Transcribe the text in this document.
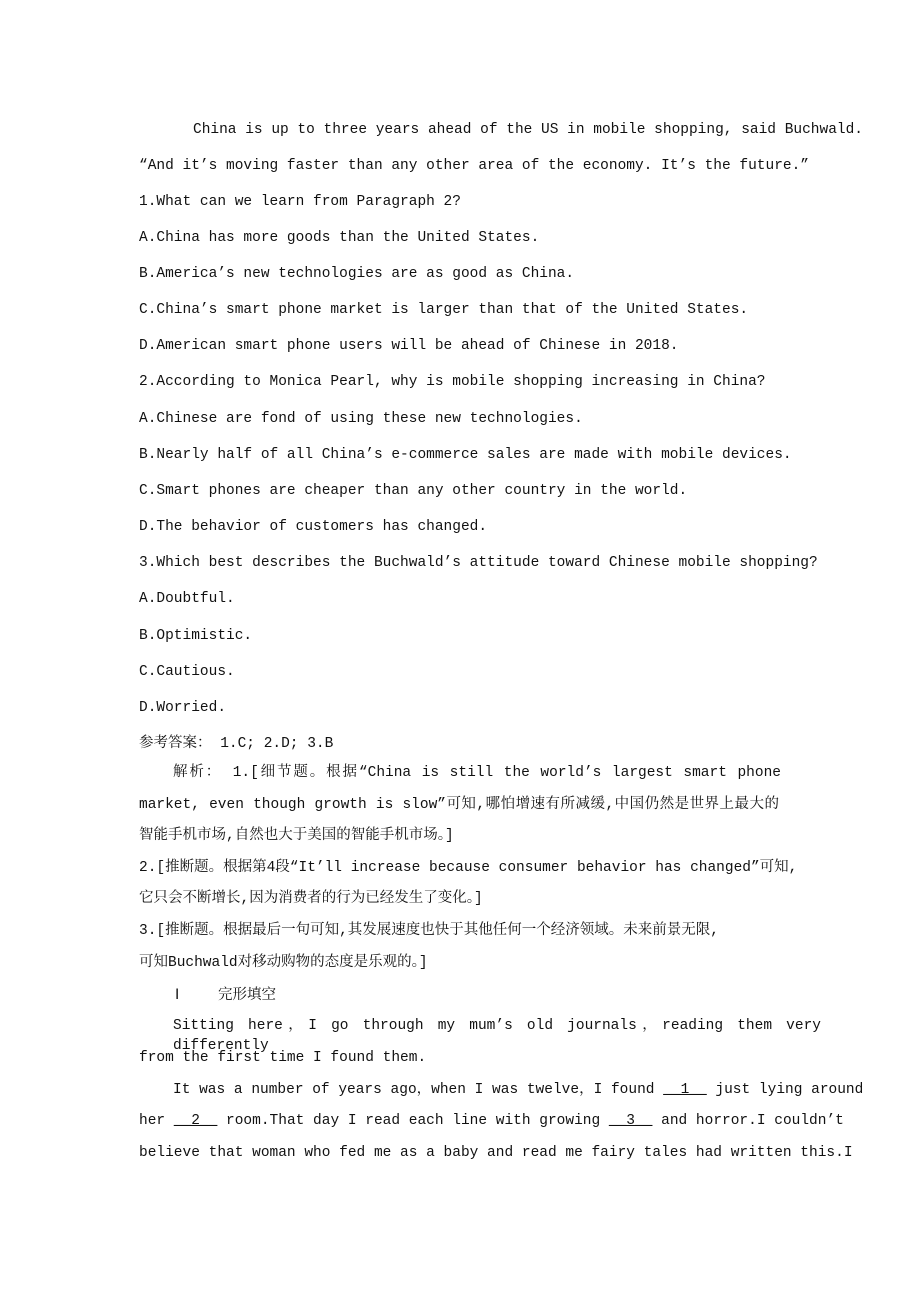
China is up to three years ahead of the US in mobile shopping, said Buchwald.
“And it’s moving faster than any other area of the economy. It’s the future.”
1.What can we learn from Paragraph 2?
A.China has more goods than the United States.
B.America’s new technologies are as good as China.
C.China’s smart phone market is larger than that of the United States.
D.American smart phone users will be ahead of Chinese in 2018.
2.According to Monica Pearl, why is mobile shopping increasing in China?
A.Chinese are fond of using these new technologies.
B.Nearly half of all China’s e-commerce sales are made with mobile devices.
C.Smart phones are cheaper than any other country in the world.
D.The behavior of customers has changed.
3.Which best describes the Buchwald’s attitude toward Chinese mobile shopping?
A.Doubtful.
B.Optimistic.
C.Cautious.
D.Worried.
参考答案： 1.C; 2.D; 3.B
解析： 1.[细节题。根据“China is still the world’s largest smart phone
market, even though growth is slow”可知,哪怕增速有所减缓,中国仍然是世界上最大的
智能手机市场,自然也大于美国的智能手机市场。]
2.[推断题。根据第4段“It’ll increase because consumer behavior has changed”可知,
它只会不断增长,因为消费者的行为已经发生了变化。]
3.[推断题。根据最后一句可知,其发展速度也快于其他任何一个经济领域。未来前景无限,
可知Buchwald对移动购物的态度是乐观的。]
I	完形填空
Sitting here，I go through my mum’s old journals，reading them very differently
from the first time I found them.
It was a number of years ago，when I was twelve，I found __1__ just lying around
her __2__ room.That day I read each line with growing __3__ and horror.I couldn’t
believe that woman who fed me as a baby and read me fairy tales had written this.I
